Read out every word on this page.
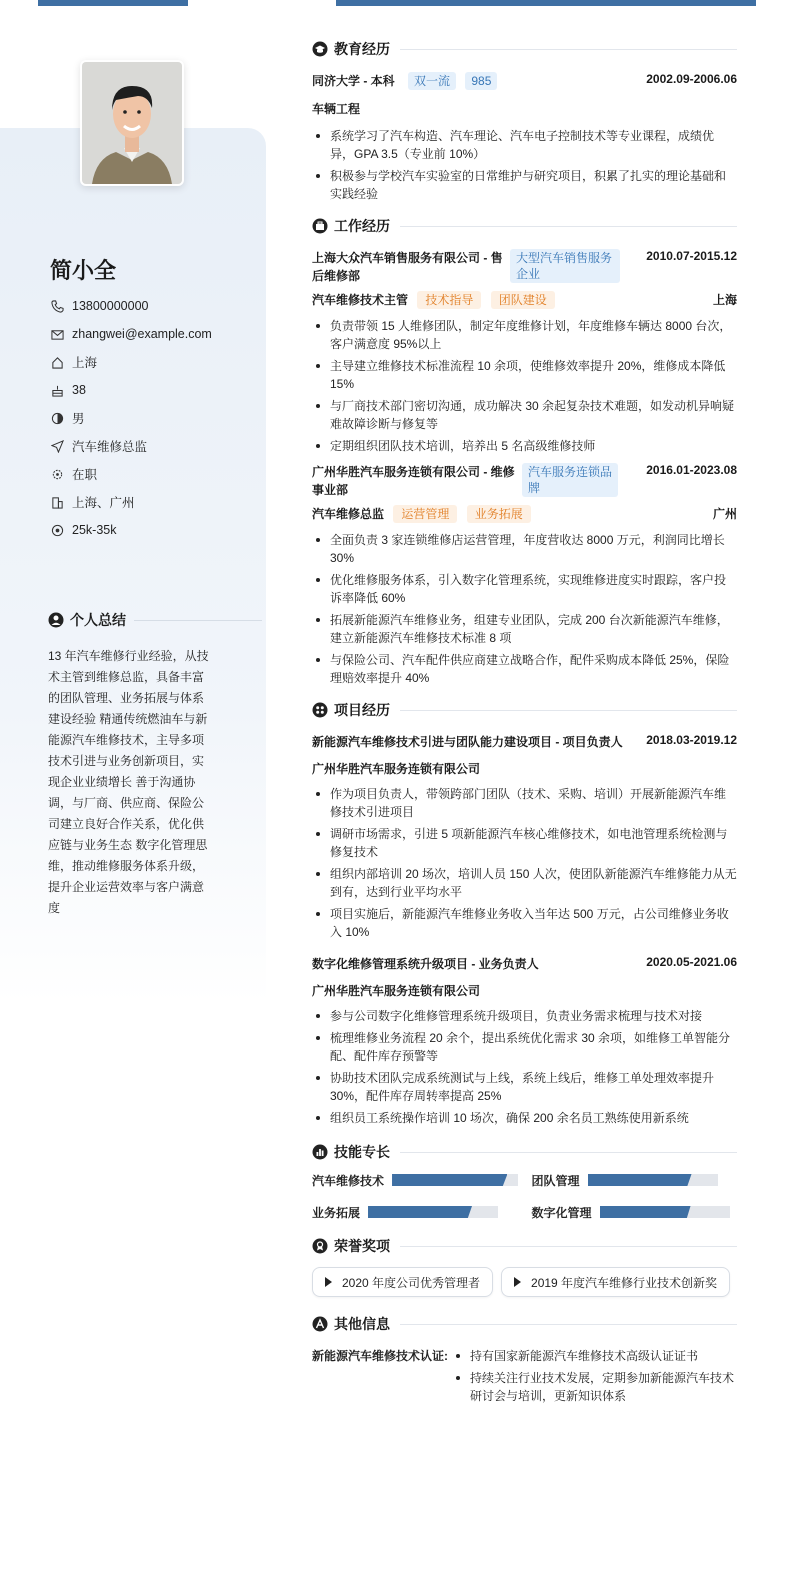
简小全
13800000000
zhangwei@example.com
上海
38
男
汽车维修总监
在职
上海、广州
25k-35k
个人总结
13 年汽车维修行业经验，从技术主管到维修总监，具备丰富的团队管理、业务拓展与体系建设经验 精通传统燃油车与新能源汽车维修技术，主导多项技术引进与业务创新项目，实现企业业绩增长 善于沟通协调，与厂商、供应商、保险公司建立良好合作关系，优化供应链与业务生态 数字化管理思维，推动维修服务体系升级，提升企业运营效率与客户满意度
教育经历
同济大学 - 本科 双一流 985	2002.09-2006.06
车辆工程
系统学习了汽车构造、汽车理论、汽车电子控制技术等专业课程，成绩优异，GPA 3.5（专业前 10%）
积极参与学校汽车实验室的日常维护与研究项目，积累了扎实的理论基础和实践经验
工作经历
上海大众汽车销售服务有限公司 - 售后维修部
大型汽车销售服务企业
2010.07-2015.12
汽车维修技术主管 技术指导 团队建设	上海
负责带领 15 人维修团队，制定年度维修计划，年度维修车辆达 8000 台次，客户满意度 95%以上
主导建立维修技术标准流程 10 余项，使维修效率提升 20%，维修成本降低 15%
与厂商技术部门密切沟通，成功解决 30 余起复杂技术难题，如发动机异响疑难故障诊断与修复等
定期组织团队技术培训，培养出 5 名高级维修技师
广州华胜汽车服务连锁有限公司 - 维修事业部
汽车服务连锁品牌
2016.01-2023.08
汽车维修总监 运营管理 业务拓展	广州
全面负责 3 家连锁维修店运营管理，年度营收达 8000 万元，利润同比增长 30%
优化维修服务体系，引入数字化管理系统，实现维修进度实时跟踪，客户投诉率降低 60%
拓展新能源汽车维修业务，组建专业团队，完成 200 台次新能源汽车维修，建立新能源汽车维修技术标准 8 项
与保险公司、汽车配件供应商建立战略合作，配件采购成本降低 25%，保险理赔效率提升 40%
项目经历
新能源汽车维修技术引进与团队能力建设项目 - 项目负责人 2018.03-2019.12
广州华胜汽车服务连锁有限公司
作为项目负责人，带领跨部门团队（技术、采购、培训）开展新能源汽车维修技术引进项目
调研市场需求，引进 5 项新能源汽车核心维修技术，如电池管理系统检测与修复技术
组织内部培训 20 场次，培训人员 150 人次，使团队新能源汽车维修能力从无到有，达到行业平均水平
项目实施后，新能源汽车维修业务收入当年达 500 万元，占公司维修业务收入 10%
数字化维修管理系统升级项目 - 业务负责人	2020.05-2021.06
广州华胜汽车服务连锁有限公司
参与公司数字化维修管理系统升级项目，负责业务需求梳理与技术对接
梳理维修业务流程 20 余个，提出系统优化需求 30 余项，如维修工单智能分配、配件库存预警等
协助技术团队完成系统测试与上线，系统上线后，维修工单处理效率提升 30%，配件库存周转率提高 25%
组织员工系统操作培训 10 场次，确保 200 余名员工熟练使用新系统
技能专长
汽车维修技术	团队管理
业务拓展	数字化管理
荣誉奖项
2020 年度公司优秀管理者	2019 年度汽车维修行业技术创新奖
其他信息
新能源汽车维修技术认证:	持有国家新能源汽车维修技术高级认证证书
持续关注行业技术发展，定期参加新能源汽车技术研讨会与培训，更新知识体系
